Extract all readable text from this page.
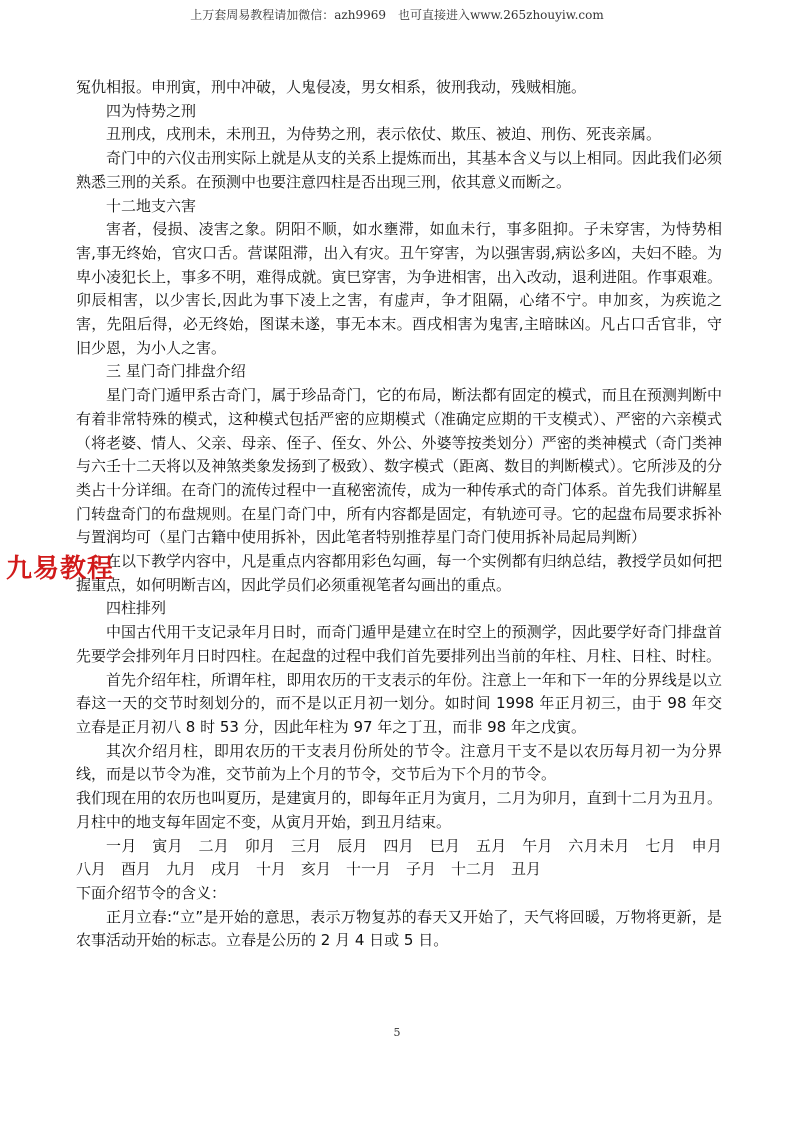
上万套周易教程请加微信：azh9969　也可直接进入www.265zhouyiw.com

冤仇相报。申刑寅，刑中冲破，人鬼侵凌，男女相系，彼刑我动，残贼相施。

四为恃势之刑

丑刑戌，戌刑未，未刑丑，为侍势之刑，表示依仗、欺压、被迫、刑伤、死丧亲属。

奇门中的六仪击刑实际上就是从支的关系上提炼而出，其基本含义与以上相同。因此我们必须熟悉三刑的关系。在预测中也要注意四柱是否出现三刑，依其意义而断之。

十二地支六害

害者，侵损、凌害之象。阴阳不顺，如水壅滞，如血未行，事多阻抑。子未穿害，为恃势相害,事无终始，官灾口舌。营谋阻滞，出入有灾。丑午穿害，为以强害弱,病讼多凶，夫妇不睦。为卑小凌犯长上，事多不明，难得成就。寅巳穿害，为争进相害，出入改动，退利进阻。作事艰难。卯辰相害，以少害长,因此为事下凌上之害，有虚声，争才阻隔，心绪不宁。申加亥，为疾诡之害，先阻后得，必无终始，图谋未遂，事无本末。酉戌相害为鬼害,主暗昧凶。凡占口舌官非，守旧少恩，为小人之害。

三 星门奇门排盘介绍

星门奇门遁甲系古奇门，属于珍品奇门，它的布局，断法都有固定的模式，而且在预测判断中有着非常特殊的模式，这种模式包括严密的应期模式（准确定应期的干支模式）、严密的六亲模式（将老婆、情人、父亲、母亲、侄子、侄女、外公、外婆等按类划分）严密的类神模式（奇门类神与六壬十二天将以及神煞类象发扬到了极致）、数字模式（距离、数目的判断模式）。它所涉及的分类占十分详细。在奇门的流传过程中一直秘密流传，成为一种传承式的奇门体系。首先我们讲解星门转盘奇门的布盘规则。在星门奇门中，所有内容都是固定，有轨迹可寻。它的起盘布局要求拆补与置润均可（星门古籍中使用拆补，因此笔者特别推荐星门奇门使用拆补局起局判断）

在以下教学内容中，凡是重点内容都用彩色勾画，每一个实例都有归纳总结，教授学员如何把握重点，如何明断吉凶，因此学员们必须重视笔者勾画出的重点。

四柱排列

中国古代用干支记录年月日时，而奇门遁甲是建立在时空上的预测学，因此要学好奇门排盘首先要学会排列年月日时四柱。在起盘的过程中我们首先要排列出当前的年柱、月柱、日柱、时柱。

首先介绍年柱，所谓年柱，即用农历的干支表示的年份。注意上一年和下一年的分界线是以立春这一天的交节时刻划分的，而不是以正月初一划分。如时间 1998 年正月初三，由于 98 年交立春是正月初八 8 时 53 分，因此年柱为 97 年之丁丑，而非 98 年之戊寅。

其次介绍月柱，即用农历的干支表月份所处的节令。注意月干支不是以农历每月初一为分界线，而是以节令为准，交节前为上个月的节令，交节后为下个月的节令。

我们现在用的农历也叫夏历，是建寅月的，即每年正月为寅月，二月为卯月，直到十二月为丑月。月柱中的地支每年固定不变，从寅月开始，到丑月结束。

一月　寅月　二月　卯月　三月　辰月　四月　巳月　五月　午月　六月未月　七月　申月　八月　酉月　九月　戌月　十月　亥月　十一月　子月　十二月　丑月

下面介绍节令的含义：

正月立春:“立”是开始的意思，表示万物复苏的春天又开始了，天气将回暖，万物将更新，是农事活动开始的标志。立春是公历的 2 月 4 日或 5 日。

九易教程
5
